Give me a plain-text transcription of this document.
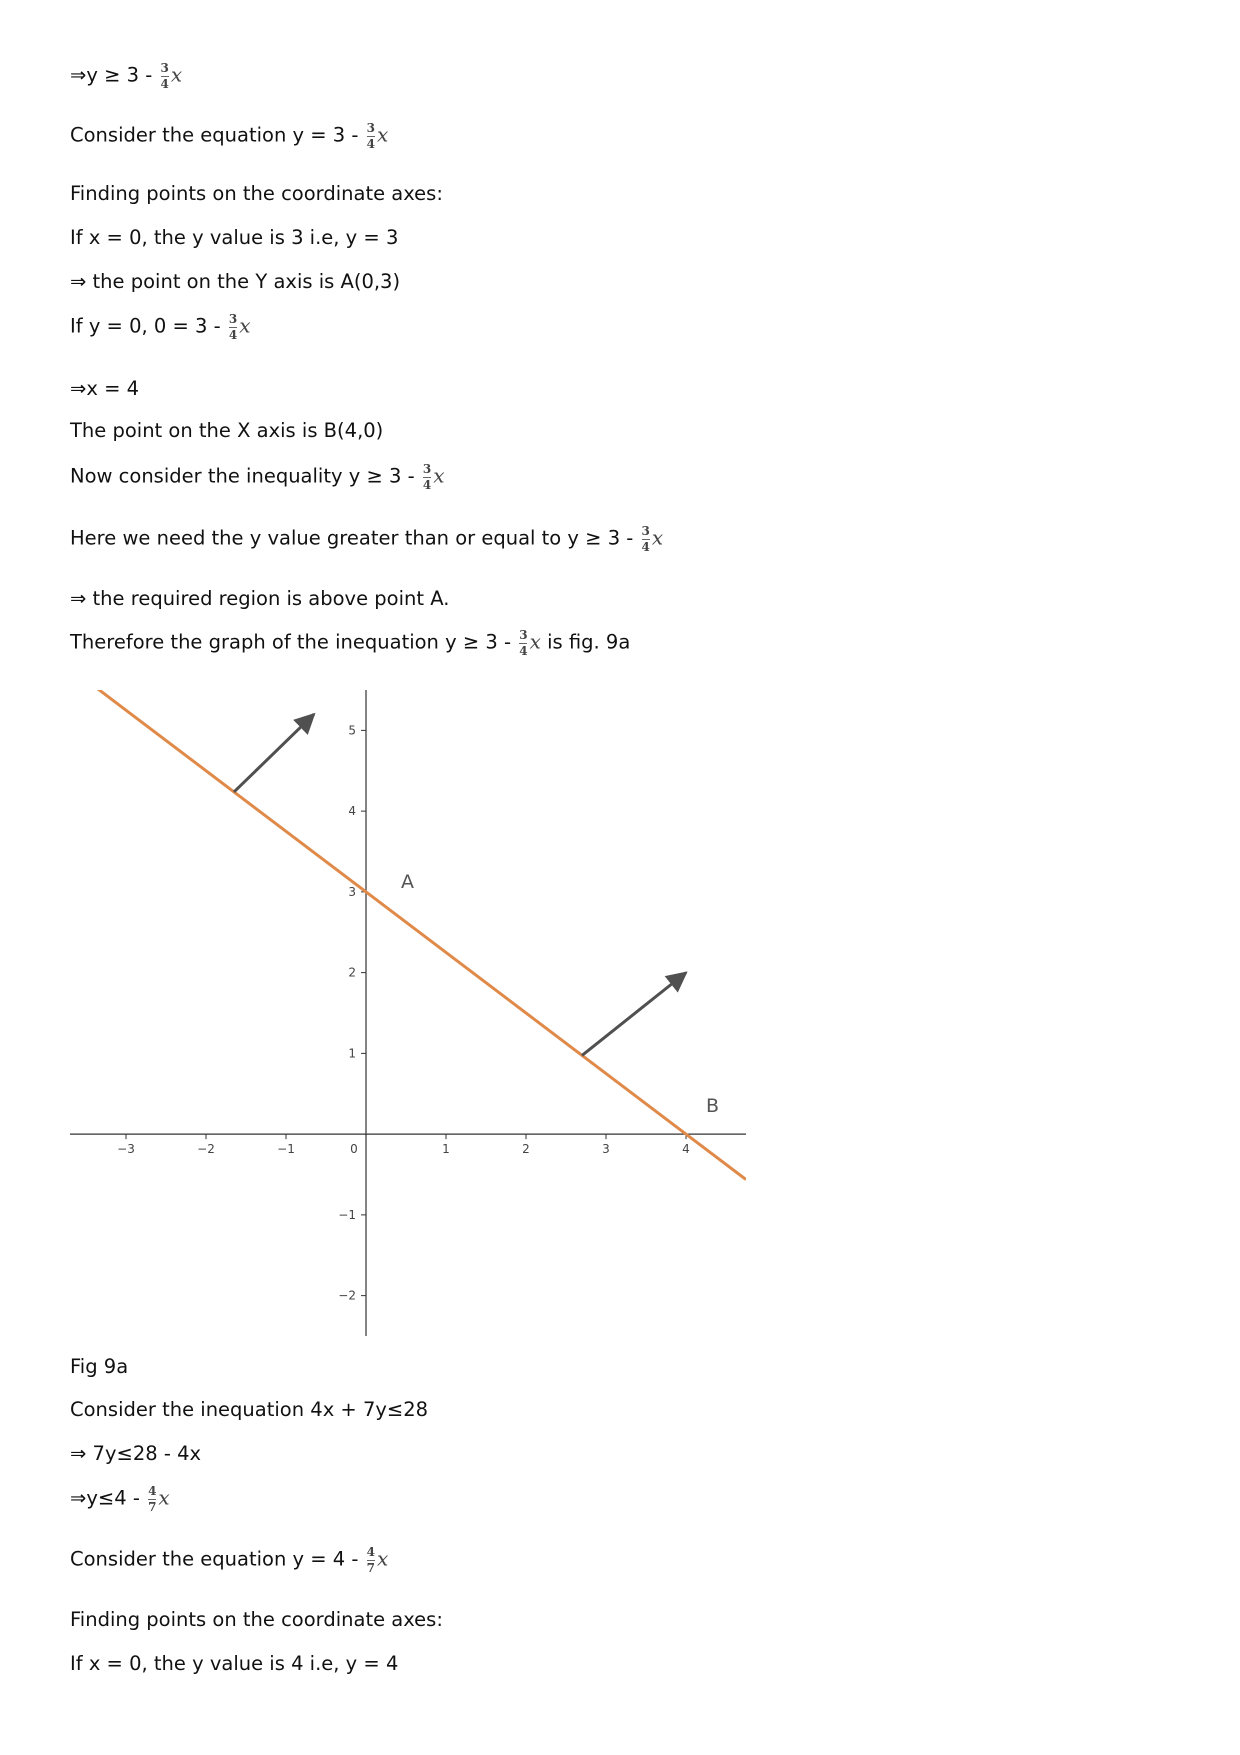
⇒y ≥ $3 - \frac{3}{4}$ x
Consider the equation $y = 3 - \frac{3}{4}$ x
Finding points on the coordinate axes:
If x = 0, the y value is 3 i.e, y = 3
⇒ the point on the Y axis is A(0,3)
If y = 0, $0 = 3 - \frac{3}{4}$ x
⇒x = 4
The point on the X axis is B(4,0)
Now consider the inequality $y \ge 3 - \frac{3}{4}$ x
Here we need the y value greater than or equal to $y \ge 3 - \frac{3}{4}$ x
⇒ the required region is above point A.
Therefore the graph of the inequation $y \ge 3 - \frac{3}{4}$ x is fig. 9a
−3	−2	−1	0	1	2	3	4
5
4
3
2
1
−1
−2
A
B
Fig 9a
Consider the inequation 4x + 7y≤28
⇒ 7y≤28 - 4x
⇒y≤4 - $\frac{4}{7}$ x
Consider the equation $y = 4 - \frac{4}{7}$ x
Finding points on the coordinate axes:
If x = 0, the y value is 4 i.e, y = 4
